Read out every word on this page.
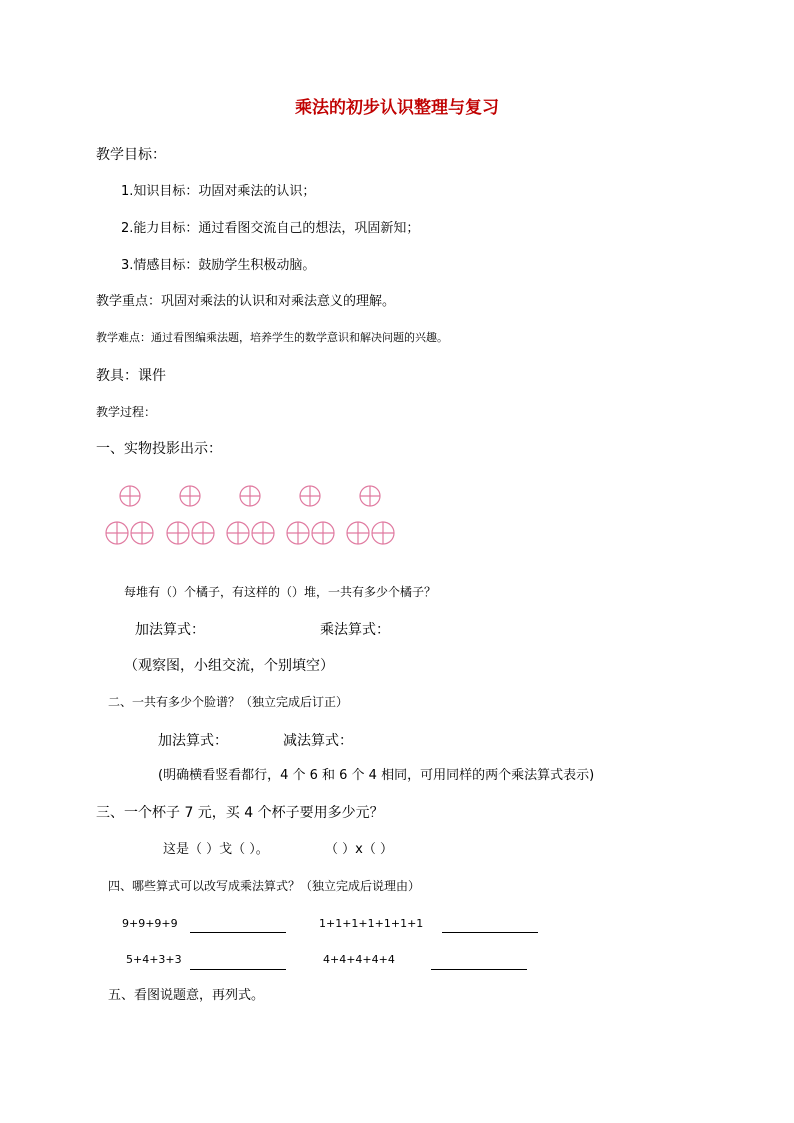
乘法的初步认识整理与复习
教学目标：
1.知识目标：功固对乘法的认识；
2.能力目标：通过看图交流自己的想法，巩固新知；
3.情感目标：鼓励学生积极动脑。
教学重点：巩固对乘法的认识和对乘法意义的理解。
教学难点：通过看图编乘法题，培养学生的数学意识和解决问题的兴趣。
教具：课件
教学过程：
一、实物投影出示：
每堆有（）个橘子，有这样的（）堆，一共有多少个橘子？
加法算式：	乘法算式：
（观察图，小组交流，个别填空）
二、一共有多少个脸谱？（独立完成后订正）
加法算式：	减法算式：
(明确横看竖看都行，4 个 6 和 6 个 4 相同，可用同样的两个乘法算式表示)
三、一个杯子 7 元，买 4 个杯子要用多少元？
这是（ ）戈（ ）。	（ ）x（ ）
四、哪些算式可以改写成乘法算式？（独立完成后说理由）
9+9+9+9	1+1+1+1+1+1+1
5+4+3+3	4+4+4+4+4
五、看图说题意，再列式。
